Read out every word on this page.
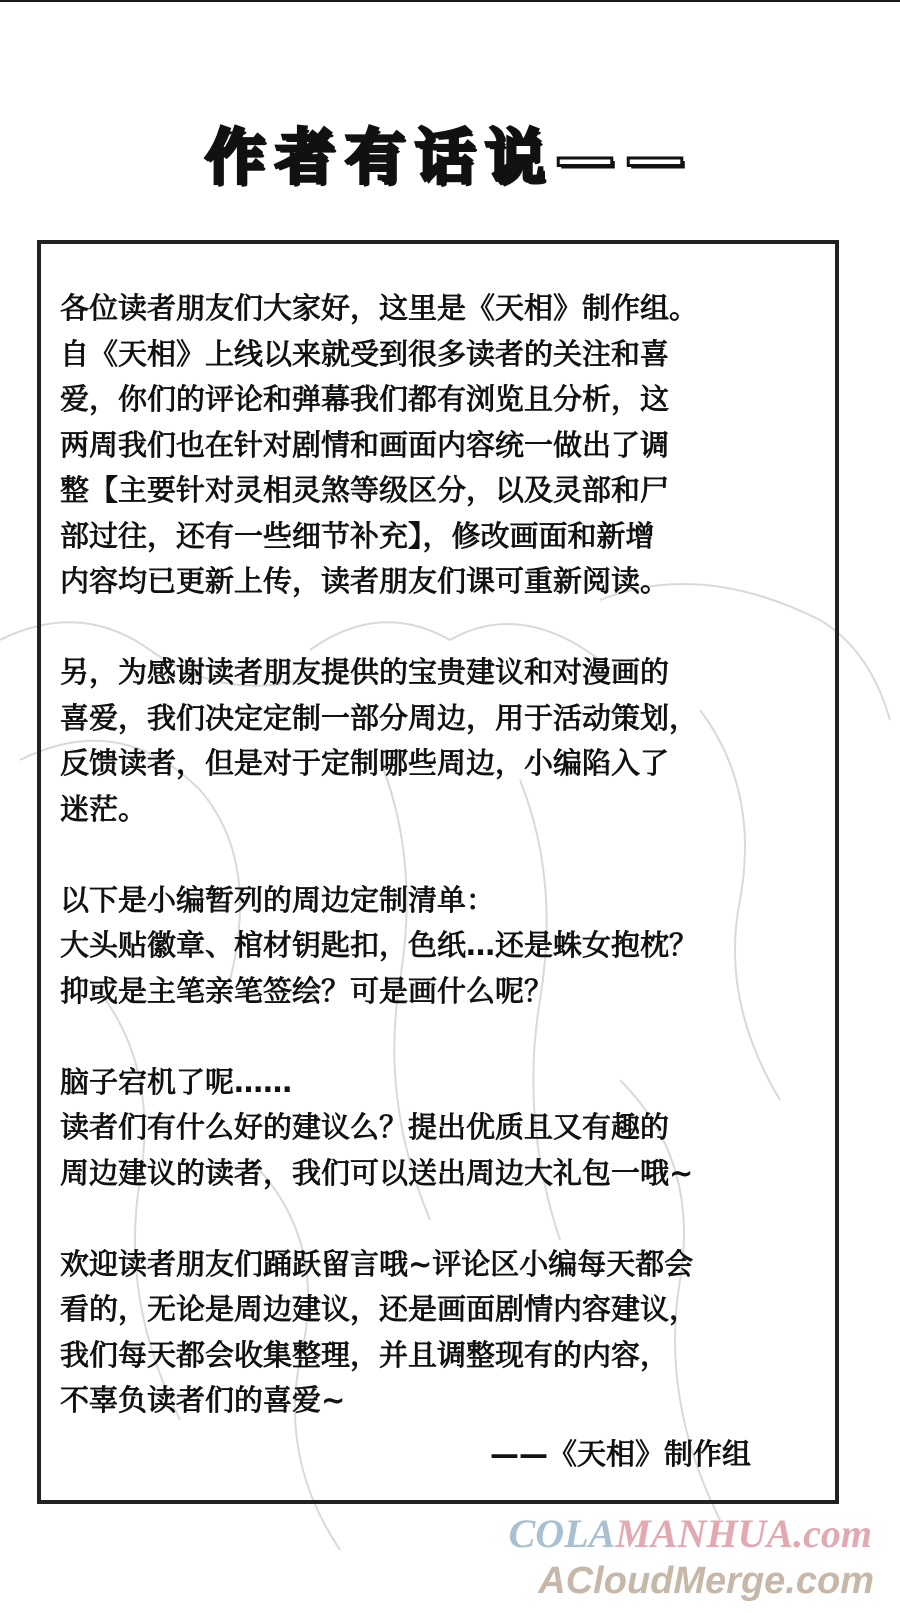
作者有话说——
各位读者朋友们大家好，这里是《天相》制作组。
自《天相》上线以来就受到很多读者的关注和喜
爱，你们的评论和弹幕我们都有浏览且分析，这
两周我们也在针对剧情和画面内容统一做出了调
整【主要针对灵相灵煞等级区分，以及灵部和尸
部过往，还有一些细节补充】，修改画面和新增
内容均已更新上传，读者朋友们课可重新阅读。
另，为感谢读者朋友提供的宝贵建议和对漫画的
喜爱，我们决定定制一部分周边，用于活动策划，
反馈读者，但是对于定制哪些周边，小编陷入了
迷茫。
以下是小编暂列的周边定制清单：
大头贴徽章、棺材钥匙扣，色纸…还是蛛女抱枕？
抑或是主笔亲笔签绘？可是画什么呢？
脑子宕机了呢……
读者们有什么好的建议么？提出优质且又有趣的
周边建议的读者，我们可以送出周边大礼包一哦~
欢迎读者朋友们踊跃留言哦~评论区小编每天都会
看的，无论是周边建议，还是画面剧情内容建议，
我们每天都会收集整理，并且调整现有的内容，
不辜负读者们的喜爱~
——《天相》制作组
COLAMANHUA.com
ACloudMerge.com
